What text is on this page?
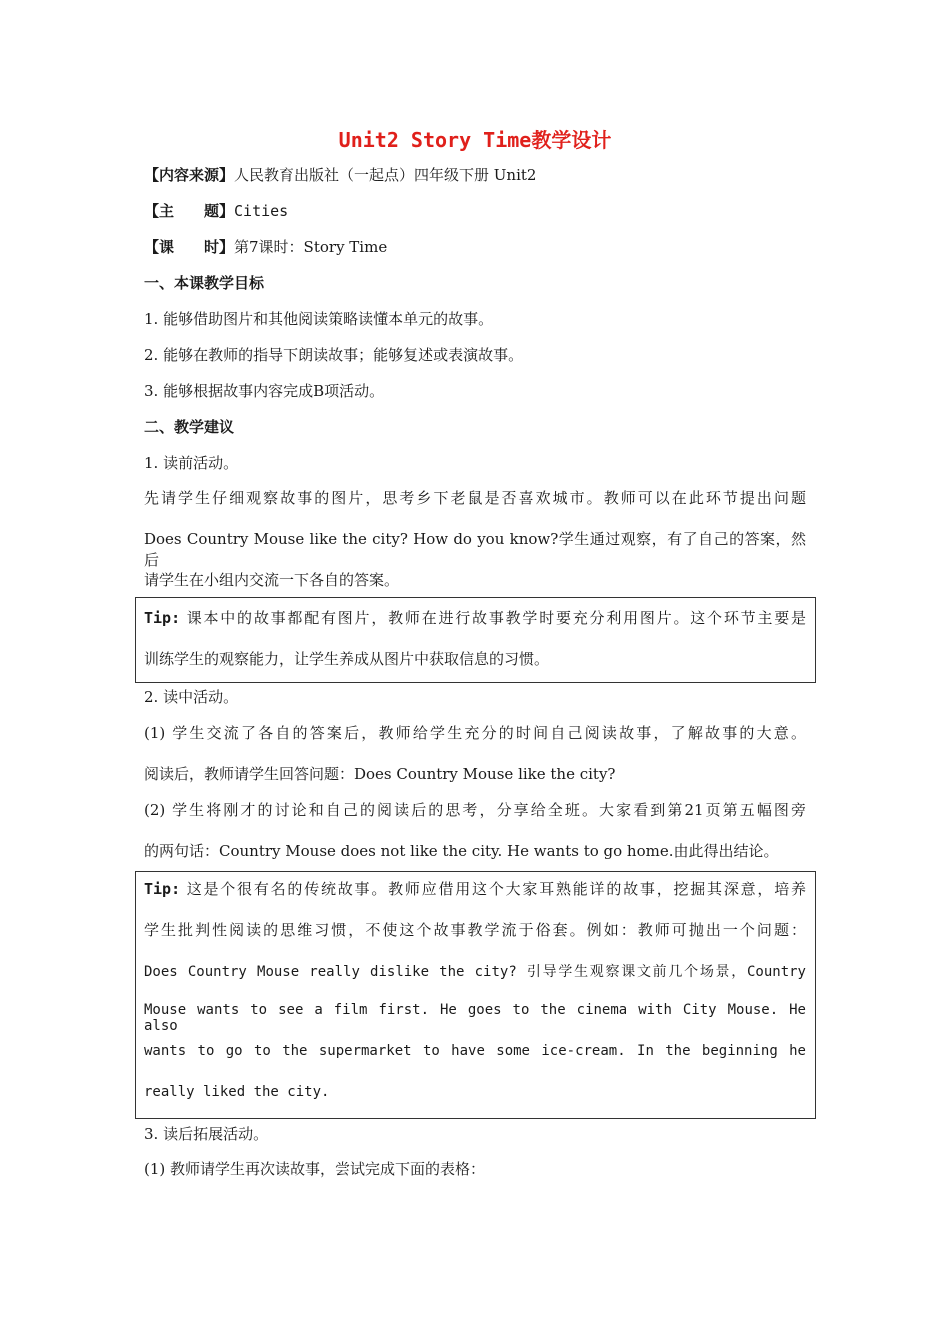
Unit2 Story Time教学设计
【内容来源】人民教育出版社（一起点）四年级下册 Unit2
【主　　题】Cities
【课　　时】第7课时：Story Time
一、本课教学目标
1. 能够借助图片和其他阅读策略读懂本单元的故事。
2. 能够在教师的指导下朗读故事；能够复述或表演故事。
3. 能够根据故事内容完成B项活动。
二、教学建议
1. 读前活动。
先请学生仔细观察故事的图片，思考乡下老鼠是否喜欢城市。教师可以在此环节提出问题
Does Country Mouse like the city? How do you know?学生通过观察，有了自己的答案，然后
请学生在小组内交流一下各自的答案。
Tip: 课本中的故事都配有图片，教师在进行故事教学时要充分利用图片。这个环节主要是
训练学生的观察能力，让学生养成从图片中获取信息的习惯。
2. 读中活动。
(1) 学生交流了各自的答案后，教师给学生充分的时间自己阅读故事，了解故事的大意。
阅读后，教师请学生回答问题：Does Country Mouse like the city?
(2) 学生将刚才的讨论和自己的阅读后的思考，分享给全班。大家看到第21页第五幅图旁
的两句话：Country Mouse does not like the city. He wants to go home.由此得出结论。
Tip: 这是个很有名的传统故事。教师应借用这个大家耳熟能详的故事，挖掘其深意，培养
学生批判性阅读的思维习惯，不使这个故事教学流于俗套。例如：教师可抛出一个问题：
Does Country Mouse really dislike the city? 引导学生观察课文前几个场景，Country
Mouse wants to see a film first. He goes to the cinema with City Mouse. He also
wants to go to the supermarket to have some ice-cream. In the beginning he
really liked the city.
3. 读后拓展活动。
(1) 教师请学生再次读故事，尝试完成下面的表格：
